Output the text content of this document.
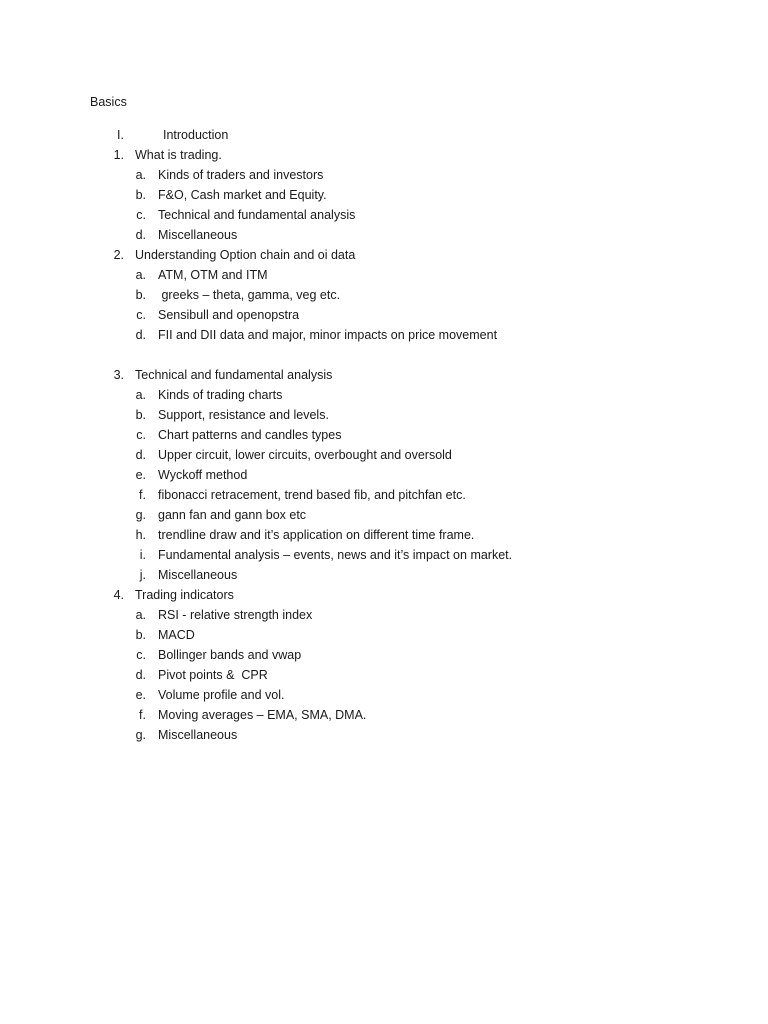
Basics
I.	Introduction
1. What is trading.
a. Kinds of traders and investors
b. F&O, Cash market and Equity.
c. Technical and fundamental analysis
d. Miscellaneous
2. Understanding Option chain and oi data
a. ATM, OTM and ITM
b. greeks – theta, gamma, veg etc.
c. Sensibull and openopstra
d. FII and DII data and major, minor impacts on price movement
3. Technical and fundamental analysis
a. Kinds of trading charts
b. Support, resistance and levels.
c. Chart patterns and candles types
d. Upper circuit, lower circuits, overbought and oversold
e. Wyckoff method
f. fibonacci retracement, trend based fib, and pitchfan etc.
g. gann fan and gann box etc
h. trendline draw and it’s application on different time frame.
i. Fundamental analysis – events, news and it’s impact on market.
j. Miscellaneous
4. Trading indicators
a. RSI - relative strength index
b. MACD
c. Bollinger bands and vwap
d. Pivot points &  CPR
e. Volume profile and vol.
f. Moving averages – EMA, SMA, DMA.
g. Miscellaneous
